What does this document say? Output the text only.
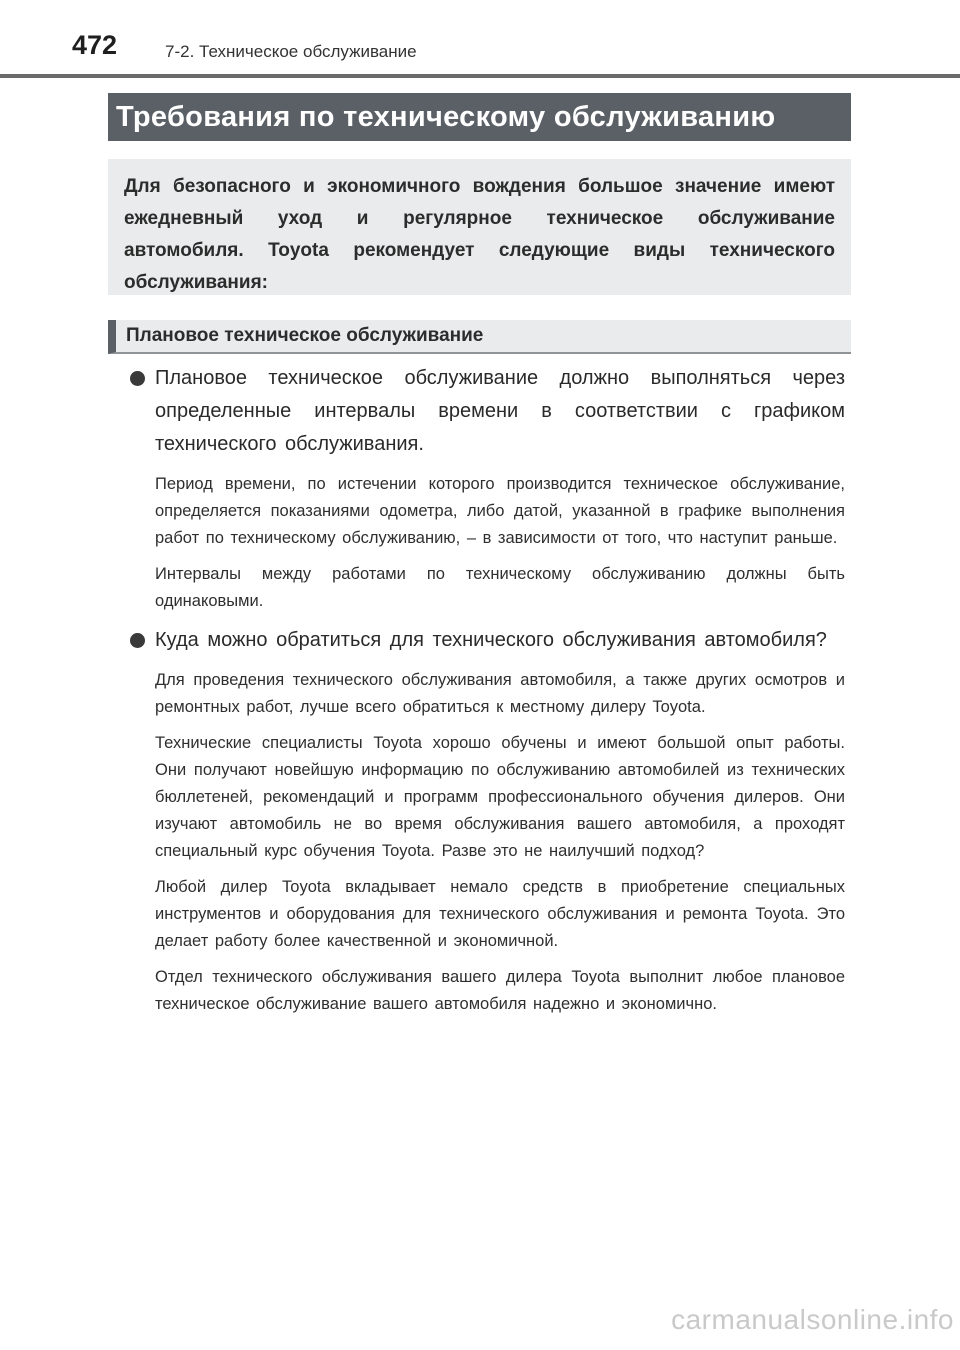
472	7-2. Техническое обслуживание
Требования по техническому обслуживанию

Для безопасного и экономичного вождения большое значение имеют ежедневный уход и регулярное техническое обслуживание автомобиля. Toyota рекомендует следующие виды технического обслуживания:

Плановое техническое обслуживание
Плановое техническое обслуживание должно выполняться через определенные интервалы времени в соответствии с графиком технического обслуживания.

Период времени, по истечении которого производится техническое обслуживание, определяется показаниями одометра, либо датой, указанной в графике выполнения работ по техническому обслуживанию, – в зависимости от того, что наступит раньше.

Интервалы между работами по техническому обслуживанию должны быть одинаковыми.

Куда можно обратиться для технического обслуживания автомобиля?

Для проведения технического обслуживания автомобиля, а также других осмотров и ремонтных работ, лучше всего обратиться к местному дилеру Toyota.

Технические специалисты Toyota хорошо обучены и имеют большой опыт работы. Они получают новейшую информацию по обслуживанию автомобилей из технических бюллетеней, рекомендаций и программ профессионального обучения дилеров. Они изучают автомобиль не во время обслуживания вашего автомобиля, а проходят специальный курс обучения Toyota. Разве это не наилучший подход?

Любой дилер Toyota вкладывает немало средств в приобретение специальных инструментов и оборудования для технического обслуживания и ремонта Toyota. Это делает работу более качественной и экономичной.

Отдел технического обслуживания вашего дилера Toyota выполнит любое плановое техническое обслуживание вашего автомобиля надежно и экономично.

carmanualsonline.info
